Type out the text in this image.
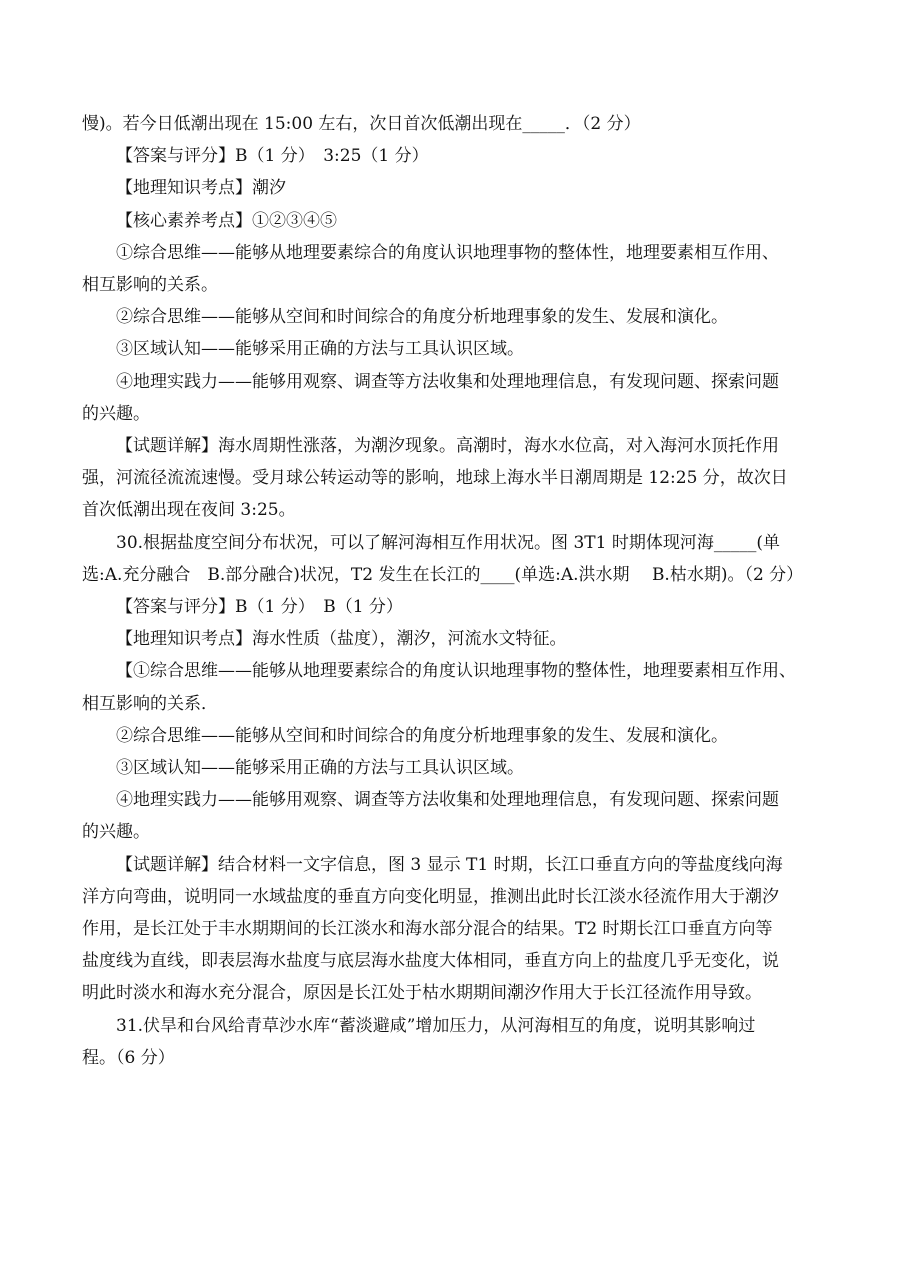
慢)。若今日低潮出现在 15:00 左右，次日首次低潮出现在_____．（2 分）
【答案与评分】B（1 分）　3:25（1 分）
【地理知识考点】潮汐
【核心素养考点】①②③④⑤
①综合思维——能够从地理要素综合的角度认识地理事物的整体性，地理要素相互作用、
相互影响的关系。
②综合思维——能够从空间和时间综合的角度分析地理事象的发生、发展和演化。
③区域认知——能够采用正确的方法与工具认识区域。
④地理实践力——能够用观察、调查等方法收集和处理地理信息，有发现问题、探索问题
的兴趣。
【试题详解】海水周期性涨落，为潮汐现象。高潮时，海水水位高，对入海河水顶托作用
强，河流径流流速慢。受月球公转运动等的影响，地球上海水半日潮周期是 12:25 分，故次日
首次低潮出现在夜间 3:25。
30.根据盐度空间分布状况，可以了解河海相互作用状况。图 3T1 时期体现河海_____(单
选:A.充分融合　B.部分融合)状况，T2 发生在长江的____(单选:A.洪水期　 B.枯水期)。（2 分）
【答案与评分】B（1 分）　B（1 分）
【地理知识考点】海水性质（盐度），潮汐，河流水文特征。
【①综合思维——能够从地理要素综合的角度认识地理事物的整体性，地理要素相互作用、
相互影响的关系．
②综合思维——能够从空间和时间综合的角度分析地理事象的发生、发展和演化。
③区域认知——能够采用正确的方法与工具认识区域。
④地理实践力——能够用观察、调查等方法收集和处理地理信息，有发现问题、探索问题
的兴趣。
【试题详解】结合材料一文字信息，图 3 显示 T1 时期，长江口垂直方向的等盐度线向海
洋方向弯曲，说明同一水域盐度的垂直方向变化明显，推测出此时长江淡水径流作用大于潮汐
作用，是长江处于丰水期期间的长江淡水和海水部分混合的结果。T2 时期长江口垂直方向等
盐度线为直线，即表层海水盐度与底层海水盐度大体相同，垂直方向上的盐度几乎无变化，说
明此时淡水和海水充分混合，原因是长江处于枯水期期间潮汐作用大于长江径流作用导致。
31.伏旱和台风给青草沙水库“蓄淡避咸”增加压力，从河海相互的角度，说明其影响过
程。（6 分）
